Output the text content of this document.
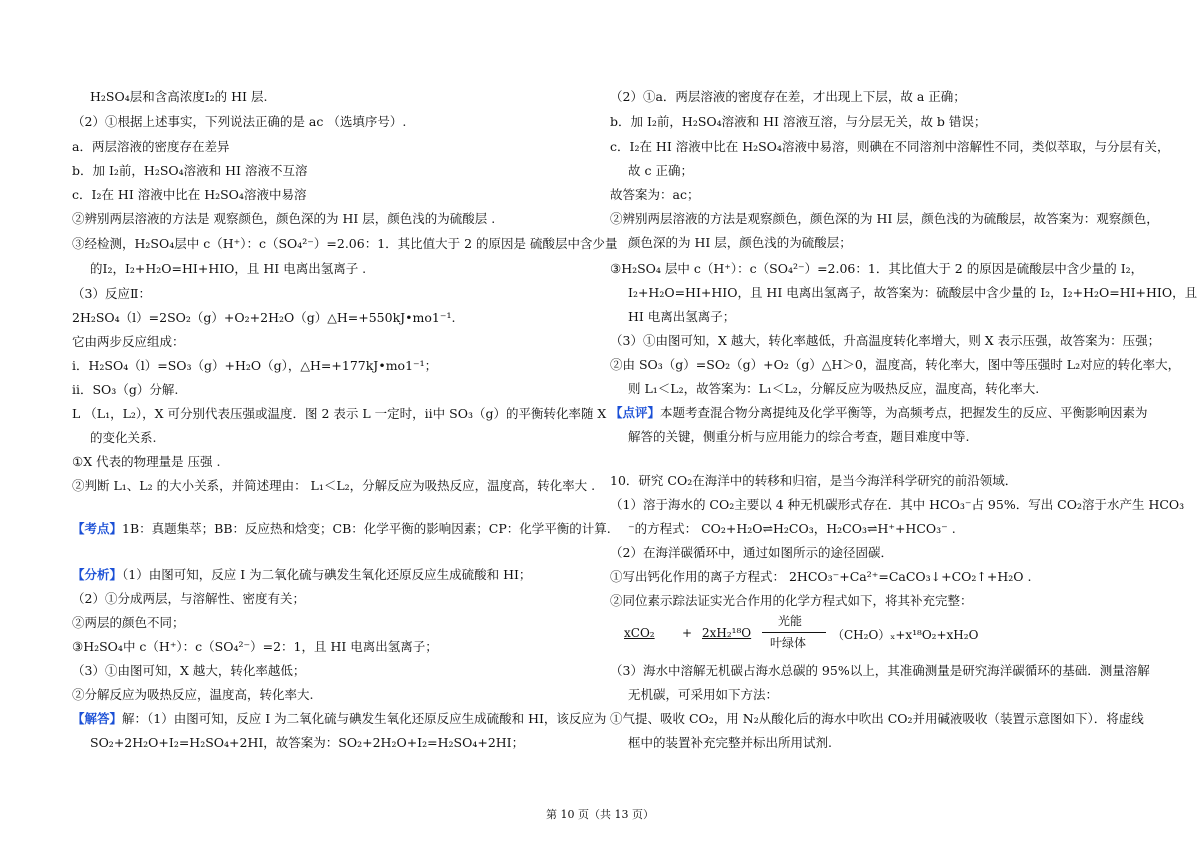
H₂SO₄层和含高浓度I₂的 HI 层.
（2）①根据上述事实，下列说法正确的是 ac （选填序号）.
a．两层溶液的密度存在差异
b．加 I₂前，H₂SO₄溶液和 HI 溶液不互溶
c．I₂在 HI 溶液中比在 H₂SO₄溶液中易溶
②辨别两层溶液的方法是 观察颜色，颜色深的为 HI 层，颜色浅的为硫酸层 .
③经检测，H₂SO₄层中 c（H⁺）：c（SO₄²⁻）=2.06：1．其比值大于 2 的原因是 硫酸层中含少量
的I₂，I₂+H₂O=HI+HIO，且 HI 电离出氢离子 .
（3）反应Ⅱ：
2H₂SO₄（l）=2SO₂（g）+O₂+2H₂O（g）△H=+550kJ•mo1⁻¹.
它由两步反应组成：
ⅰ．H₂SO₄（l）=SO₃（g）+H₂O（g），△H=+177kJ•mo1⁻¹；
ⅱ．SO₃（g）分解.
L （L₁，L₂），X 可分别代表压强或温度．图 2 表示 L 一定时，ⅱ中 SO₃（g）的平衡转化率随 X
的变化关系.
①X 代表的物理量是 压强 .
②判断 L₁、L₂ 的大小关系，并简述理由： L₁＜L₂，分解反应为吸热反应，温度高，转化率大 .
【考点】1B：真题集萃；BB：反应热和焓变；CB：化学平衡的影响因素；CP：化学平衡的计算.
【分析】（1）由图可知，反应 I 为二氧化硫与碘发生氧化还原反应生成硫酸和 HI；
（2）①分成两层，与溶解性、密度有关；
②两层的颜色不同；
③H₂SO₄中 c（H⁺）：c（SO₄²⁻）=2：1，且 HI 电离出氢离子；
（3）①由图可知，X 越大，转化率越低；
②分解反应为吸热反应，温度高，转化率大.
【解答】解：（1）由图可知，反应 I 为二氧化硫与碘发生氧化还原反应生成硫酸和 HI，该反应为
SO₂+2H₂O+I₂=H₂SO₄+2HI，故答案为：SO₂+2H₂O+I₂=H₂SO₄+2HI；
xCO₂ + 2xH₂¹⁸O
光能
叶绿体
（CH₂O）ₓ+x¹⁸O₂+xH₂O
（2）①a．两层溶液的密度存在差，才出现上下层，故 a 正确；
b．加 I₂前，H₂SO₄溶液和 HI 溶液互溶，与分层无关，故 b 错误；
c．I₂在 HI 溶液中比在 H₂SO₄溶液中易溶，则碘在不同溶剂中溶解性不同，类似萃取，与分层有关，
故 c 正确；
故答案为：ac；
②辨别两层溶液的方法是观察颜色，颜色深的为 HI 层，颜色浅的为硫酸层，故答案为：观察颜色，
颜色深的为 HI 层，颜色浅的为硫酸层；
③H₂SO₄ 层中 c（H⁺）：c（SO₄²⁻）=2.06：1．其比值大于 2 的原因是硫酸层中含少量的 I₂，
I₂+H₂O=HI+HIO，且 HI 电离出氢离子，故答案为：硫酸层中含少量的 I₂，I₂+H₂O=HI+HIO，且
HI 电离出氢离子；
（3）①由图可知，X 越大，转化率越低，升高温度转化率增大，则 X 表示压强，故答案为：压强；
②由 SO₃（g）=SO₂（g）+O₂（g）△H＞0，温度高，转化率大，图中等压强时 L₂对应的转化率大，
则 L₁＜L₂，故答案为：L₁＜L₂，分解反应为吸热反应，温度高，转化率大.
【点评】本题考查混合物分离提纯及化学平衡等，为高频考点，把握发生的反应、平衡影响因素为
解答的关键，侧重分析与应用能力的综合考查，题目难度中等.
10．研究 CO₂在海洋中的转移和归宿，是当今海洋科学研究的前沿领域．
（1）溶于海水的 CO₂主要以 4 种无机碳形式存在．其中 HCO₃⁻占 95%．写出 CO₂溶于水产生 HCO₃
⁻的方程式： CO₂+H₂O⇌H₂CO₃，H₂CO₃⇌H⁺+HCO₃⁻ .
（2）在海洋碳循环中，通过如图所示的途径固碳．
①写出钙化作用的离子方程式： 2HCO₃⁻+Ca²⁺=CaCO₃↓+CO₂↑+H₂O .
②同位素示踪法证实光合作用的化学方程式如下，将其补充完整：
（3）海水中溶解无机碳占海水总碳的 95%以上，其准确测量是研究海洋碳循环的基础．测量溶解
无机碳，可采用如下方法：
①气提、吸收 CO₂，用 N₂从酸化后的海水中吹出 CO₂并用碱液吸收（装置示意图如下）．将虚线
框中的装置补充完整并标出所用试剂.
第 10 页（共 13 页）
